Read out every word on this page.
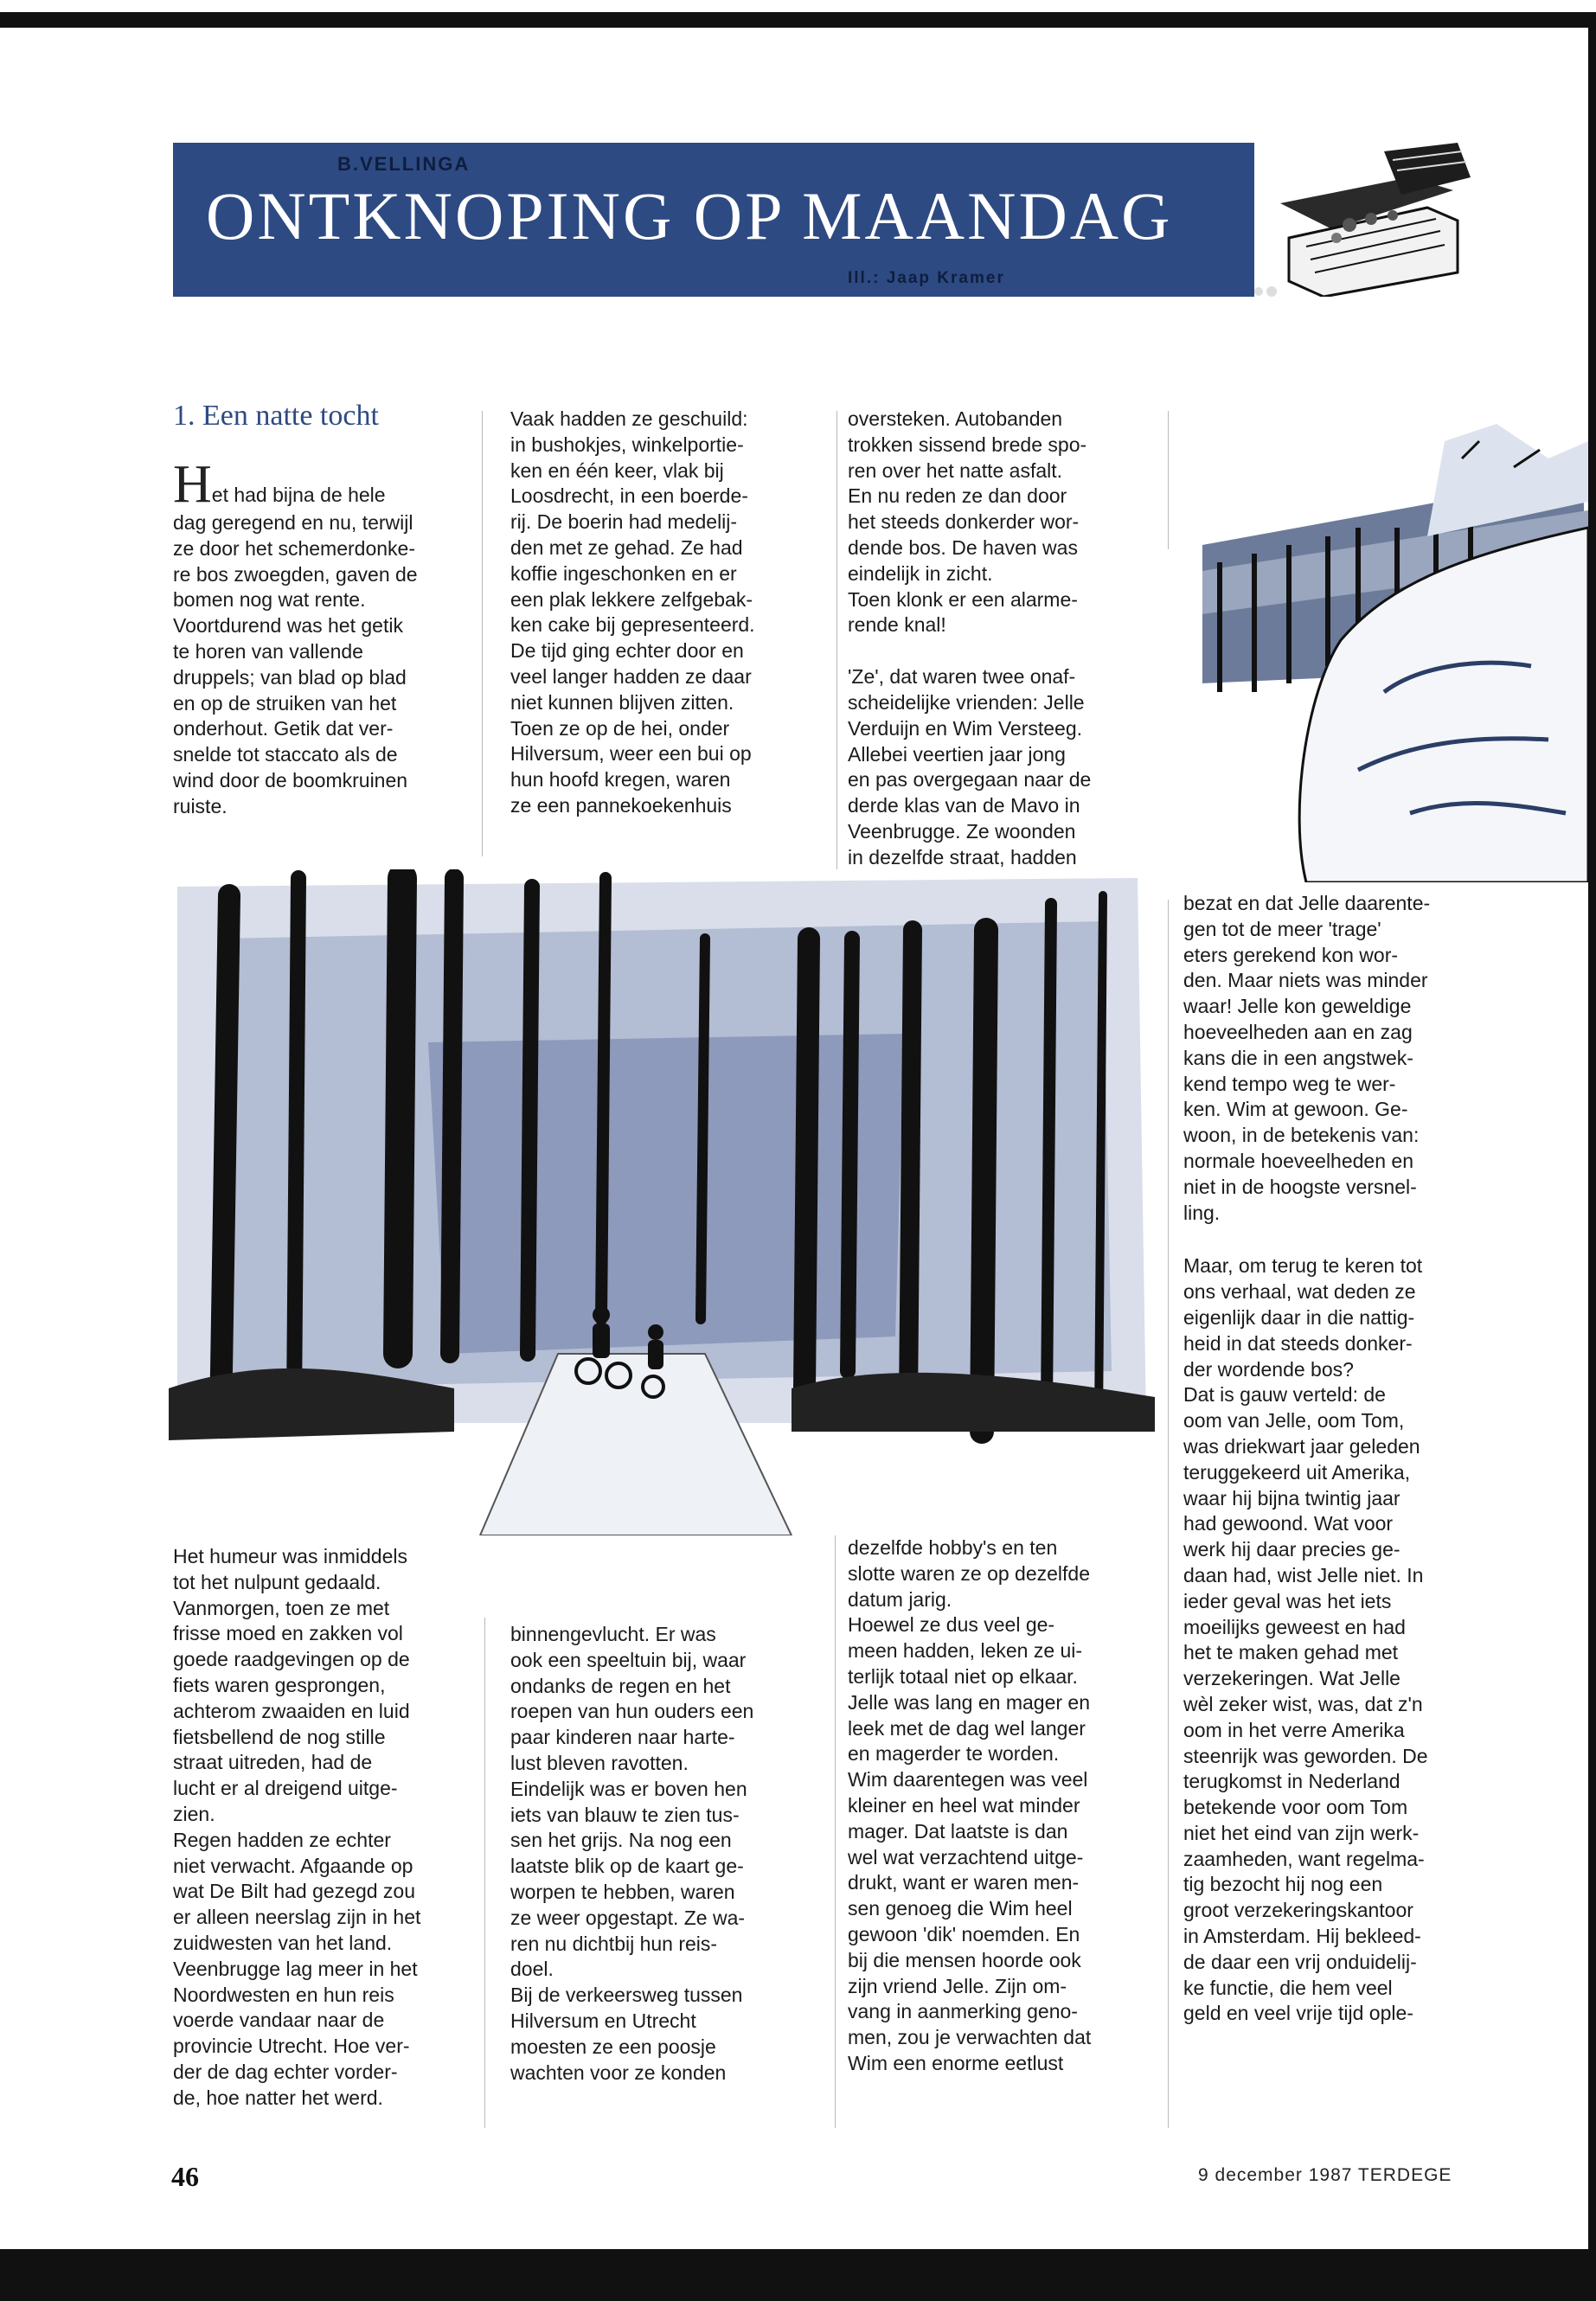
B.VELLINGA
ONTKNOPING OP MAANDAG
Ill.: Jaap Kramer
1. Een natte tocht

Het had bijna de hele
dag geregend en nu, terwijl
ze door het schemerdonke-
re bos zwoegden, gaven de
bomen nog wat rente.
Voortdurend was het getik
te horen van vallende
druppels; van blad op blad
en op de struiken van het
onderhout. Getik dat ver-
snelde tot staccato als de
wind door de boomkruinen
ruiste.

Vaak hadden ze geschuild:
in bushokjes, winkelportie-
ken en één keer, vlak bij
Loosdrecht, in een boerde-
rij. De boerin had medelij-
den met ze gehad. Ze had
koffie ingeschonken en er
een plak lekkere zelfgebak-
ken cake bij gepresenteerd.
De tijd ging echter door en
veel langer hadden ze daar
niet kunnen blijven zitten.
Toen ze op de hei, onder
Hilversum, weer een bui op
hun hoofd kregen, waren
ze een pannekoekenhuis

oversteken. Autobanden
trokken sissend brede spo-
ren over het natte asfalt.
En nu reden ze dan door
het steeds donkerder wor-
dende bos. De haven was
eindelijk in zicht.
Toen klonk er een alarme-
rende knal!

'Ze', dat waren twee onaf-
scheidelijke vrienden: Jelle
Verduijn en Wim Versteeg.
Allebei veertien jaar jong
en pas overgegaan naar de
derde klas van de Mavo in
Veenbrugge. Ze woonden
in dezelfde straat, hadden

Het humeur was inmiddels
tot het nulpunt gedaald.
Vanmorgen, toen ze met
frisse moed en zakken vol
goede raadgevingen op de
fiets waren gesprongen,
achterom zwaaiden en luid
fietsbellend de nog stille
straat uitreden, had de
lucht er al dreigend uitge-
zien.
Regen hadden ze echter
niet verwacht. Afgaande op
wat De Bilt had gezegd zou
er alleen neerslag zijn in het
zuidwesten van het land.
Veenbrugge lag meer in het
Noordwesten en hun reis
voerde vandaar naar de
provincie Utrecht. Hoe ver-
der de dag echter vorder-
de, hoe natter het werd.

binnengevlucht. Er was
ook een speeltuin bij, waar
ondanks de regen en het
roepen van hun ouders een
paar kinderen naar harte-
lust bleven ravotten.
Eindelijk was er boven hen
iets van blauw te zien tus-
sen het grijs. Na nog een
laatste blik op de kaart ge-
worpen te hebben, waren
ze weer opgestapt. Ze wa-
ren nu dichtbij hun reis-
doel.
Bij de verkeersweg tussen
Hilversum en Utrecht
moesten ze een poosje
wachten voor ze konden

dezelfde hobby's en ten
slotte waren ze op dezelfde
datum jarig.
Hoewel ze dus veel ge-
meen hadden, leken ze ui-
terlijk totaal niet op elkaar.
Jelle was lang en mager en
leek met de dag wel langer
en magerder te worden.
Wim daarentegen was veel
kleiner en heel wat minder
mager. Dat laatste is dan
wel wat verzachtend uitge-
drukt, want er waren men-
sen genoeg die Wim heel
gewoon 'dik' noemden. En
bij die mensen hoorde ook
zijn vriend Jelle. Zijn om-
vang in aanmerking geno-
men, zou je verwachten dat
Wim een enorme eetlust

bezat en dat Jelle daarente-
gen tot de meer 'trage'
eters gerekend kon wor-
den. Maar niets was minder
waar! Jelle kon geweldige
hoeveelheden aan en zag
kans die in een angstwek-
kend tempo weg te wer-
ken. Wim at gewoon. Ge-
woon, in de betekenis van:
normale hoeveelheden en
niet in de hoogste versnel-
ling.

Maar, om terug te keren tot
ons verhaal, wat deden ze
eigenlijk daar in die nattig-
heid in dat steeds donker-
der wordende bos?
Dat is gauw verteld: de
oom van Jelle, oom Tom,
was driekwart jaar geleden
teruggekeerd uit Amerika,
waar hij bijna twintig jaar
had gewoond. Wat voor
werk hij daar precies ge-
daan had, wist Jelle niet. In
ieder geval was het iets
moeilijks geweest en had
het te maken gehad met
verzekeringen. Wat Jelle
wèl zeker wist, was, dat z'n
oom in het verre Amerika
steenrijk was geworden. De
terugkomst in Nederland
betekende voor oom Tom
niet het eind van zijn werk-
zaamheden, want regelma-
tig bezocht hij nog een
groot verzekeringskantoor
in Amsterdam. Hij bekleed-
de daar een vrij onduidelij-
ke functie, die hem veel
geld en veel vrije tijd ople-

46	9 december 1987 TERDEGE
